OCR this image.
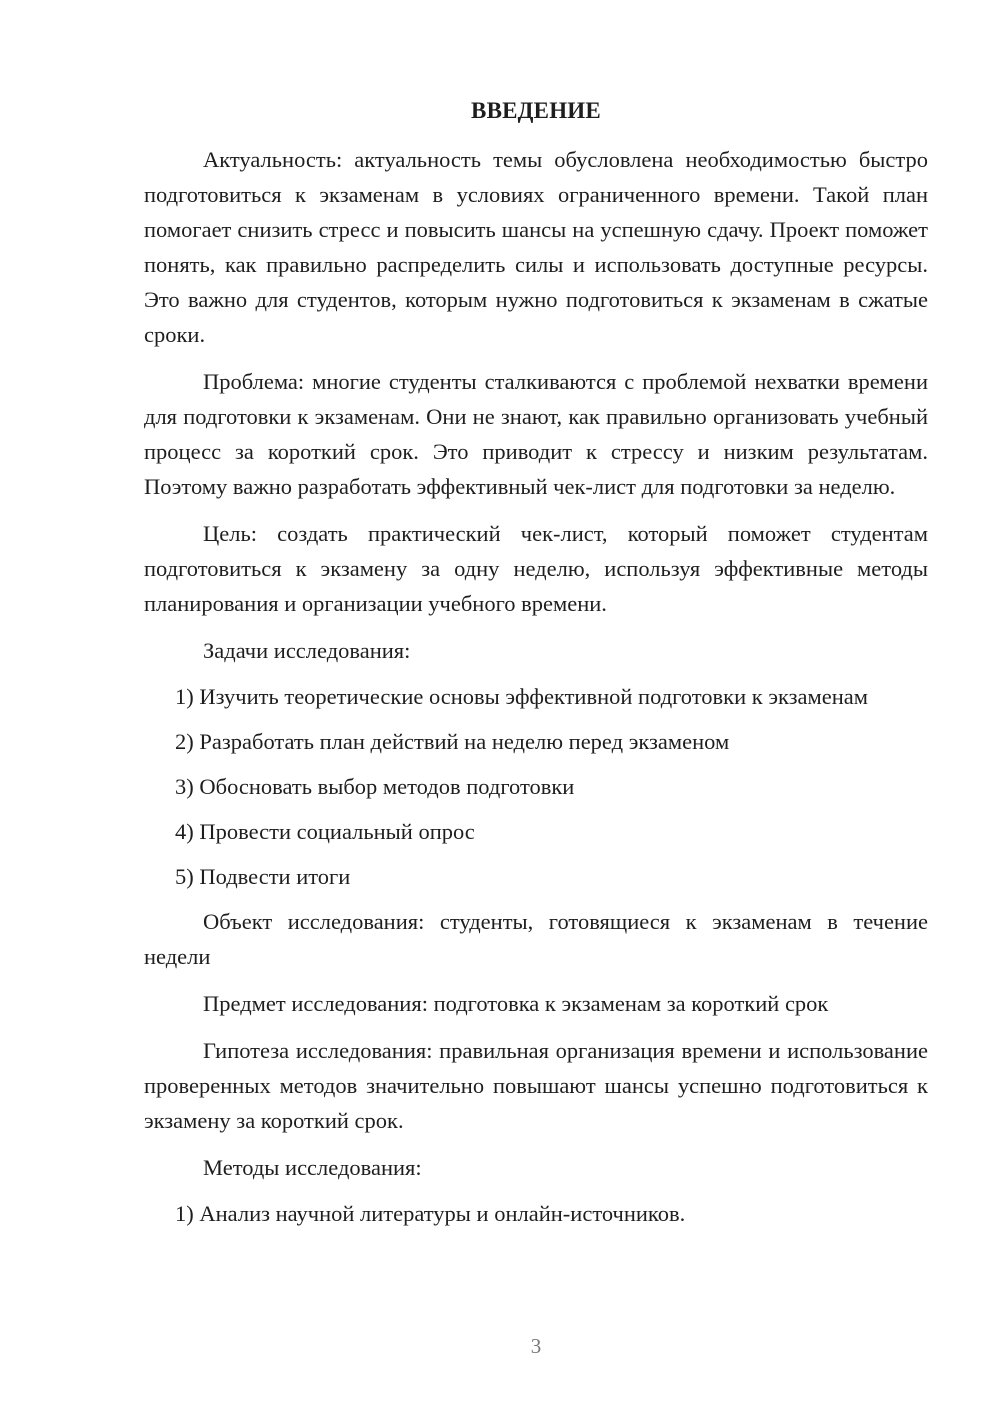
ВВЕДЕНИЕ

Актуальность: актуальность темы обусловлена необходимостью быстро подготовиться к экзаменам в условиях ограниченного времени. Такой план помогает снизить стресс и повысить шансы на успешную сдачу. Проект поможет понять, как правильно распределить силы и использовать доступные ресурсы. Это важно для студентов, которым нужно подготовиться к экзаменам в сжатые сроки.

Проблема: многие студенты сталкиваются с проблемой нехватки времени для подготовки к экзаменам. Они не знают, как правильно организовать учебный процесс за короткий срок. Это приводит к стрессу и низким результатам. Поэтому важно разработать эффективный чек-лист для подготовки за неделю.

Цель: создать практический чек-лист, который поможет студентам подготовиться к экзамену за одну неделю, используя эффективные методы планирования и организации учебного времени.

Задачи исследования:

1) Изучить теоретические основы эффективной подготовки к экзаменам

2) Разработать план действий на неделю перед экзаменом

3) Обосновать выбор методов подготовки

4) Провести социальный опрос

5) Подвести итоги

Объект исследования: студенты, готовящиеся к экзаменам в течение недели

Предмет исследования: подготовка к экзаменам за короткий срок

Гипотеза исследования: правильная организация времени и использование проверенных методов значительно повышают шансы успешно подготовиться к экзамену за короткий срок.

Методы исследования:

1) Анализ научной литературы и онлайн-источников.

3
